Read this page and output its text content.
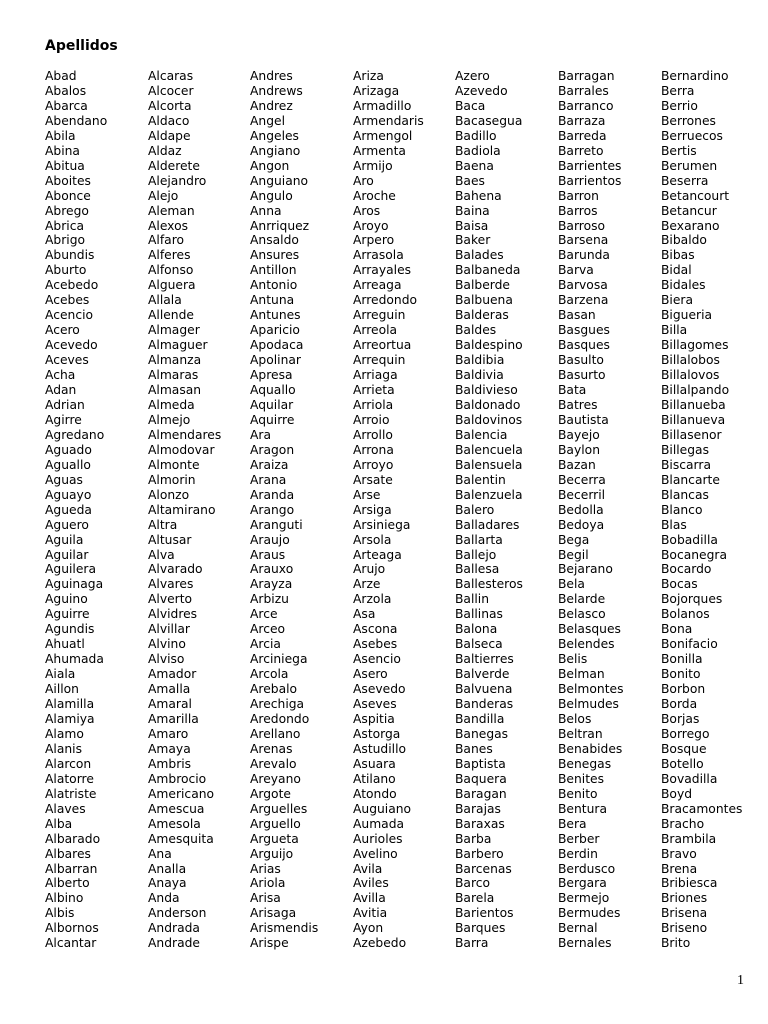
Apellidos
Abad
Abalos
Abarca
Abendano
Abila
Abina
Abitua
Aboites
Abonce
Abrego
Abrica
Abrigo
Abundis
Aburto
Acebedo
Acebes
Acencio
Acero
Acevedo
Aceves
Acha
Adan
Adrian
Agirre
Agredano
Aguado
Aguallo
Aguas
Aguayo
Agueda
Aguero
Aguila
Aguilar
Aguilera
Aguinaga
Aguino
Aguirre
Agundis
Ahuatl
Ahumada
Aiala
Aillon
Alamilla
Alamiya
Alamo
Alanis
Alarcon
Alatorre
Alatriste
Alaves
Alba
Albarado
Albares
Albarran
Alberto
Albino
Albis
Albornos
Alcantar
Alcaras
Alcocer
Alcorta
Aldaco
Aldape
Aldaz
Alderete
Alejandro
Alejo
Aleman
Alexos
Alfaro
Alferes
Alfonso
Alguera
Allala
Allende
Almager
Almaguer
Almanza
Almaras
Almasan
Almeda
Almejo
Almendares
Almodovar
Almonte
Almorin
Alonzo
Altamirano
Altra
Altusar
Alva
Alvarado
Alvares
Alverto
Alvidres
Alvillar
Alvino
Alviso
Amador
Amalla
Amaral
Amarilla
Amaro
Amaya
Ambris
Ambrocio
Americano
Amescua
Amesola
Amesquita
Ana
Analla
Anaya
Anda
Anderson
Andrada
Andrade
Andres
Andrews
Andrez
Angel
Angeles
Angiano
Angon
Anguiano
Angulo
Anna
Anrriquez
Ansaldo
Ansures
Antillon
Antonio
Antuna
Antunes
Aparicio
Apodaca
Apolinar
Apresa
Aquallo
Aquilar
Aquirre
Ara
Aragon
Araiza
Arana
Aranda
Arango
Aranguti
Araujo
Araus
Arauxo
Arayza
Arbizu
Arce
Arceo
Arcia
Arciniega
Arcola
Arebalo
Arechiga
Aredondo
Arellano
Arenas
Arevalo
Areyano
Argote
Arguelles
Arguello
Argueta
Arguijo
Arias
Ariola
Arisa
Arisaga
Arismendis
Arispe
Ariza
Arizaga
Armadillo
Armendaris
Armengol
Armenta
Armijo
Aro
Aroche
Aros
Aroyo
Arpero
Arrasola
Arrayales
Arreaga
Arredondo
Arreguin
Arreola
Arreortua
Arrequin
Arriaga
Arrieta
Arriola
Arroio
Arrollo
Arrona
Arroyo
Arsate
Arse
Arsiga
Arsiniega
Arsola
Arteaga
Arujo
Arze
Arzola
Asa
Ascona
Asebes
Asencio
Asero
Asevedo
Aseves
Aspitia
Astorga
Astudillo
Asuara
Atilano
Atondo
Auguiano
Aumada
Aurioles
Avelino
Avila
Aviles
Avilla
Avitia
Ayon
Azebedo
Azero
Azevedo
Baca
Bacasegua
Badillo
Badiola
Baena
Baes
Bahena
Baina
Baisa
Baker
Balades
Balbaneda
Balberde
Balbuena
Balderas
Baldes
Baldespino
Baldibia
Baldivia
Baldivieso
Baldonado
Baldovinos
Balencia
Balencuela
Balensuela
Balentin
Balenzuela
Balero
Balladares
Ballarta
Ballejo
Ballesa
Ballesteros
Ballin
Ballinas
Balona
Balseca
Baltierres
Balverde
Balvuena
Banderas
Bandilla
Banegas
Banes
Baptista
Baquera
Baragan
Barajas
Baraxas
Barba
Barbero
Barcenas
Barco
Barela
Barientos
Barques
Barra
Barragan
Barrales
Barranco
Barraza
Barreda
Barreto
Barrientes
Barrientos
Barron
Barros
Barroso
Barsena
Barunda
Barva
Barvosa
Barzena
Basan
Basgues
Basques
Basulto
Basurto
Bata
Batres
Bautista
Bayejo
Baylon
Bazan
Becerra
Becerril
Bedolla
Bedoya
Bega
Begil
Bejarano
Bela
Belarde
Belasco
Belasques
Belendes
Belis
Belman
Belmontes
Belmudes
Belos
Beltran
Benabides
Benegas
Benites
Benito
Bentura
Bera
Berber
Berdin
Berdusco
Bergara
Bermejo
Bermudes
Bernal
Bernales
Bernardino
Berra
Berrio
Berrones
Berruecos
Bertis
Berumen
Beserra
Betancourt
Betancur
Bexarano
Bibaldo
Bibas
Bidal
Bidales
Biera
Bigueria
Billa
Billagomes
Billalobos
Billalovos
Billalpando
Billanueba
Billanueva
Billasenor
Billegas
Biscarra
Blancarte
Blancas
Blanco
Blas
Bobadilla
Bocanegra
Bocardo
Bocas
Bojorques
Bolanos
Bona
Bonifacio
Bonilla
Bonito
Borbon
Borda
Borjas
Borrego
Bosque
Botello
Bovadilla
Boyd
Bracamontes
Bracho
Brambila
Bravo
Brena
Bribiesca
Briones
Brisena
Briseno
Brito
1
